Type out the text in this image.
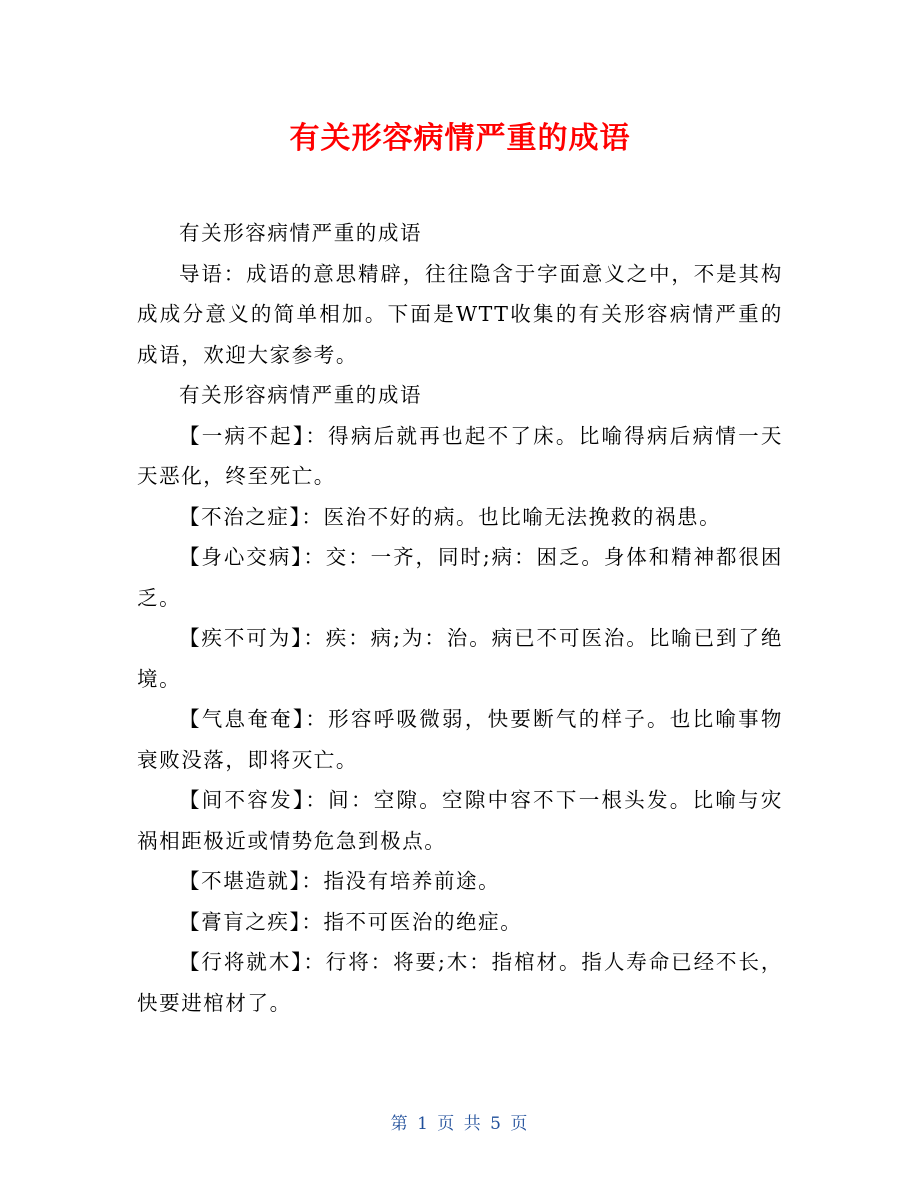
有关形容病情严重的成语

有关形容病情严重的成语

导语：成语的意思精辟，往往隐含于字面意义之中，不是其构成成分意义的简单相加。下面是WTT收集的有关形容病情严重的成语，欢迎大家参考。

有关形容病情严重的成语

【一病不起】：得病后就再也起不了床。比喻得病后病情一天天恶化，终至死亡。

【不治之症】：医治不好的病。也比喻无法挽救的祸患。

【身心交病】：交：一齐，同时;病：困乏。身体和精神都很困乏。

【疾不可为】：疾：病;为：治。病已不可医治。比喻已到了绝境。

【气息奄奄】：形容呼吸微弱，快要断气的样子。也比喻事物衰败没落，即将灭亡。

【间不容发】：间：空隙。空隙中容不下一根头发。比喻与灾祸相距极近或情势危急到极点。

【不堪造就】：指没有培养前途。

【膏肓之疾】：指不可医治的绝症。

【行将就木】：行将：将要;木：指棺材。指人寿命已经不长，快要进棺材了。

第 1 页 共 5 页
